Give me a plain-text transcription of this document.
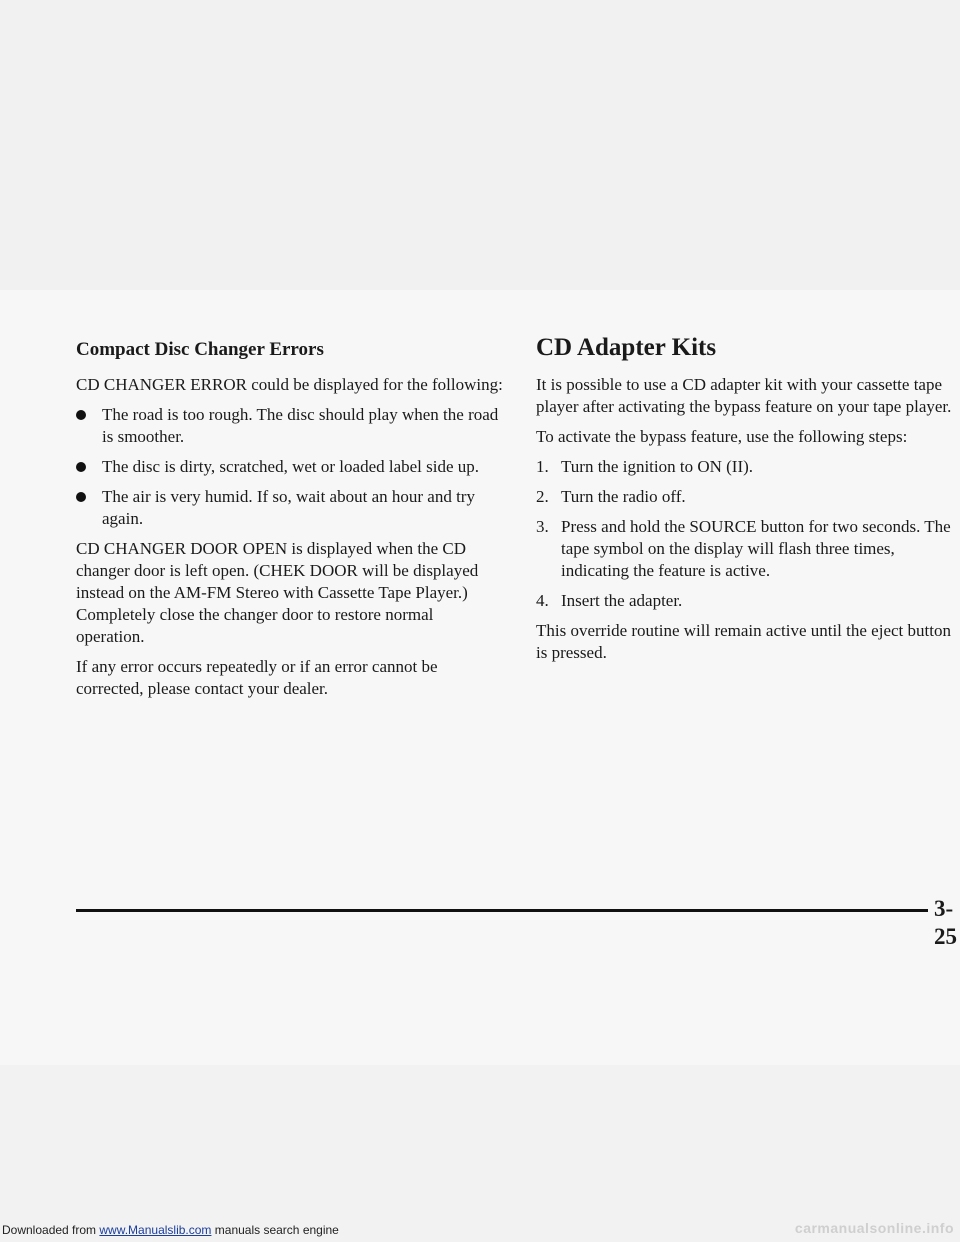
Compact Disc Changer Errors

CD CHANGER ERROR could be displayed for the following:

The road is too rough. The disc should play when the road is smoother.
The disc is dirty, scratched, wet or loaded label side up.
The air is very humid. If so, wait about an hour and try again.

CD CHANGER DOOR OPEN is displayed when the CD changer door is left open. (CHEK DOOR will be displayed instead on the AM-FM Stereo with Cassette Tape Player.) Completely close the changer door to restore normal operation.

If any error occurs repeatedly or if an error cannot be corrected, please contact your dealer.

CD Adapter Kits

It is possible to use a CD adapter kit with your cassette tape player after activating the bypass feature on your tape player.

To activate the bypass feature, use the following steps:

1. Turn the ignition to ON (II).
2. Turn the radio off.
3. Press and hold the SOURCE button for two seconds. The tape symbol on the display will flash three times, indicating the feature is active.
4. Insert the adapter.

This override routine will remain active until the eject button is pressed.

3-25
Downloaded from www.Manualslib.com manuals search engine	carmanualsonline.info
